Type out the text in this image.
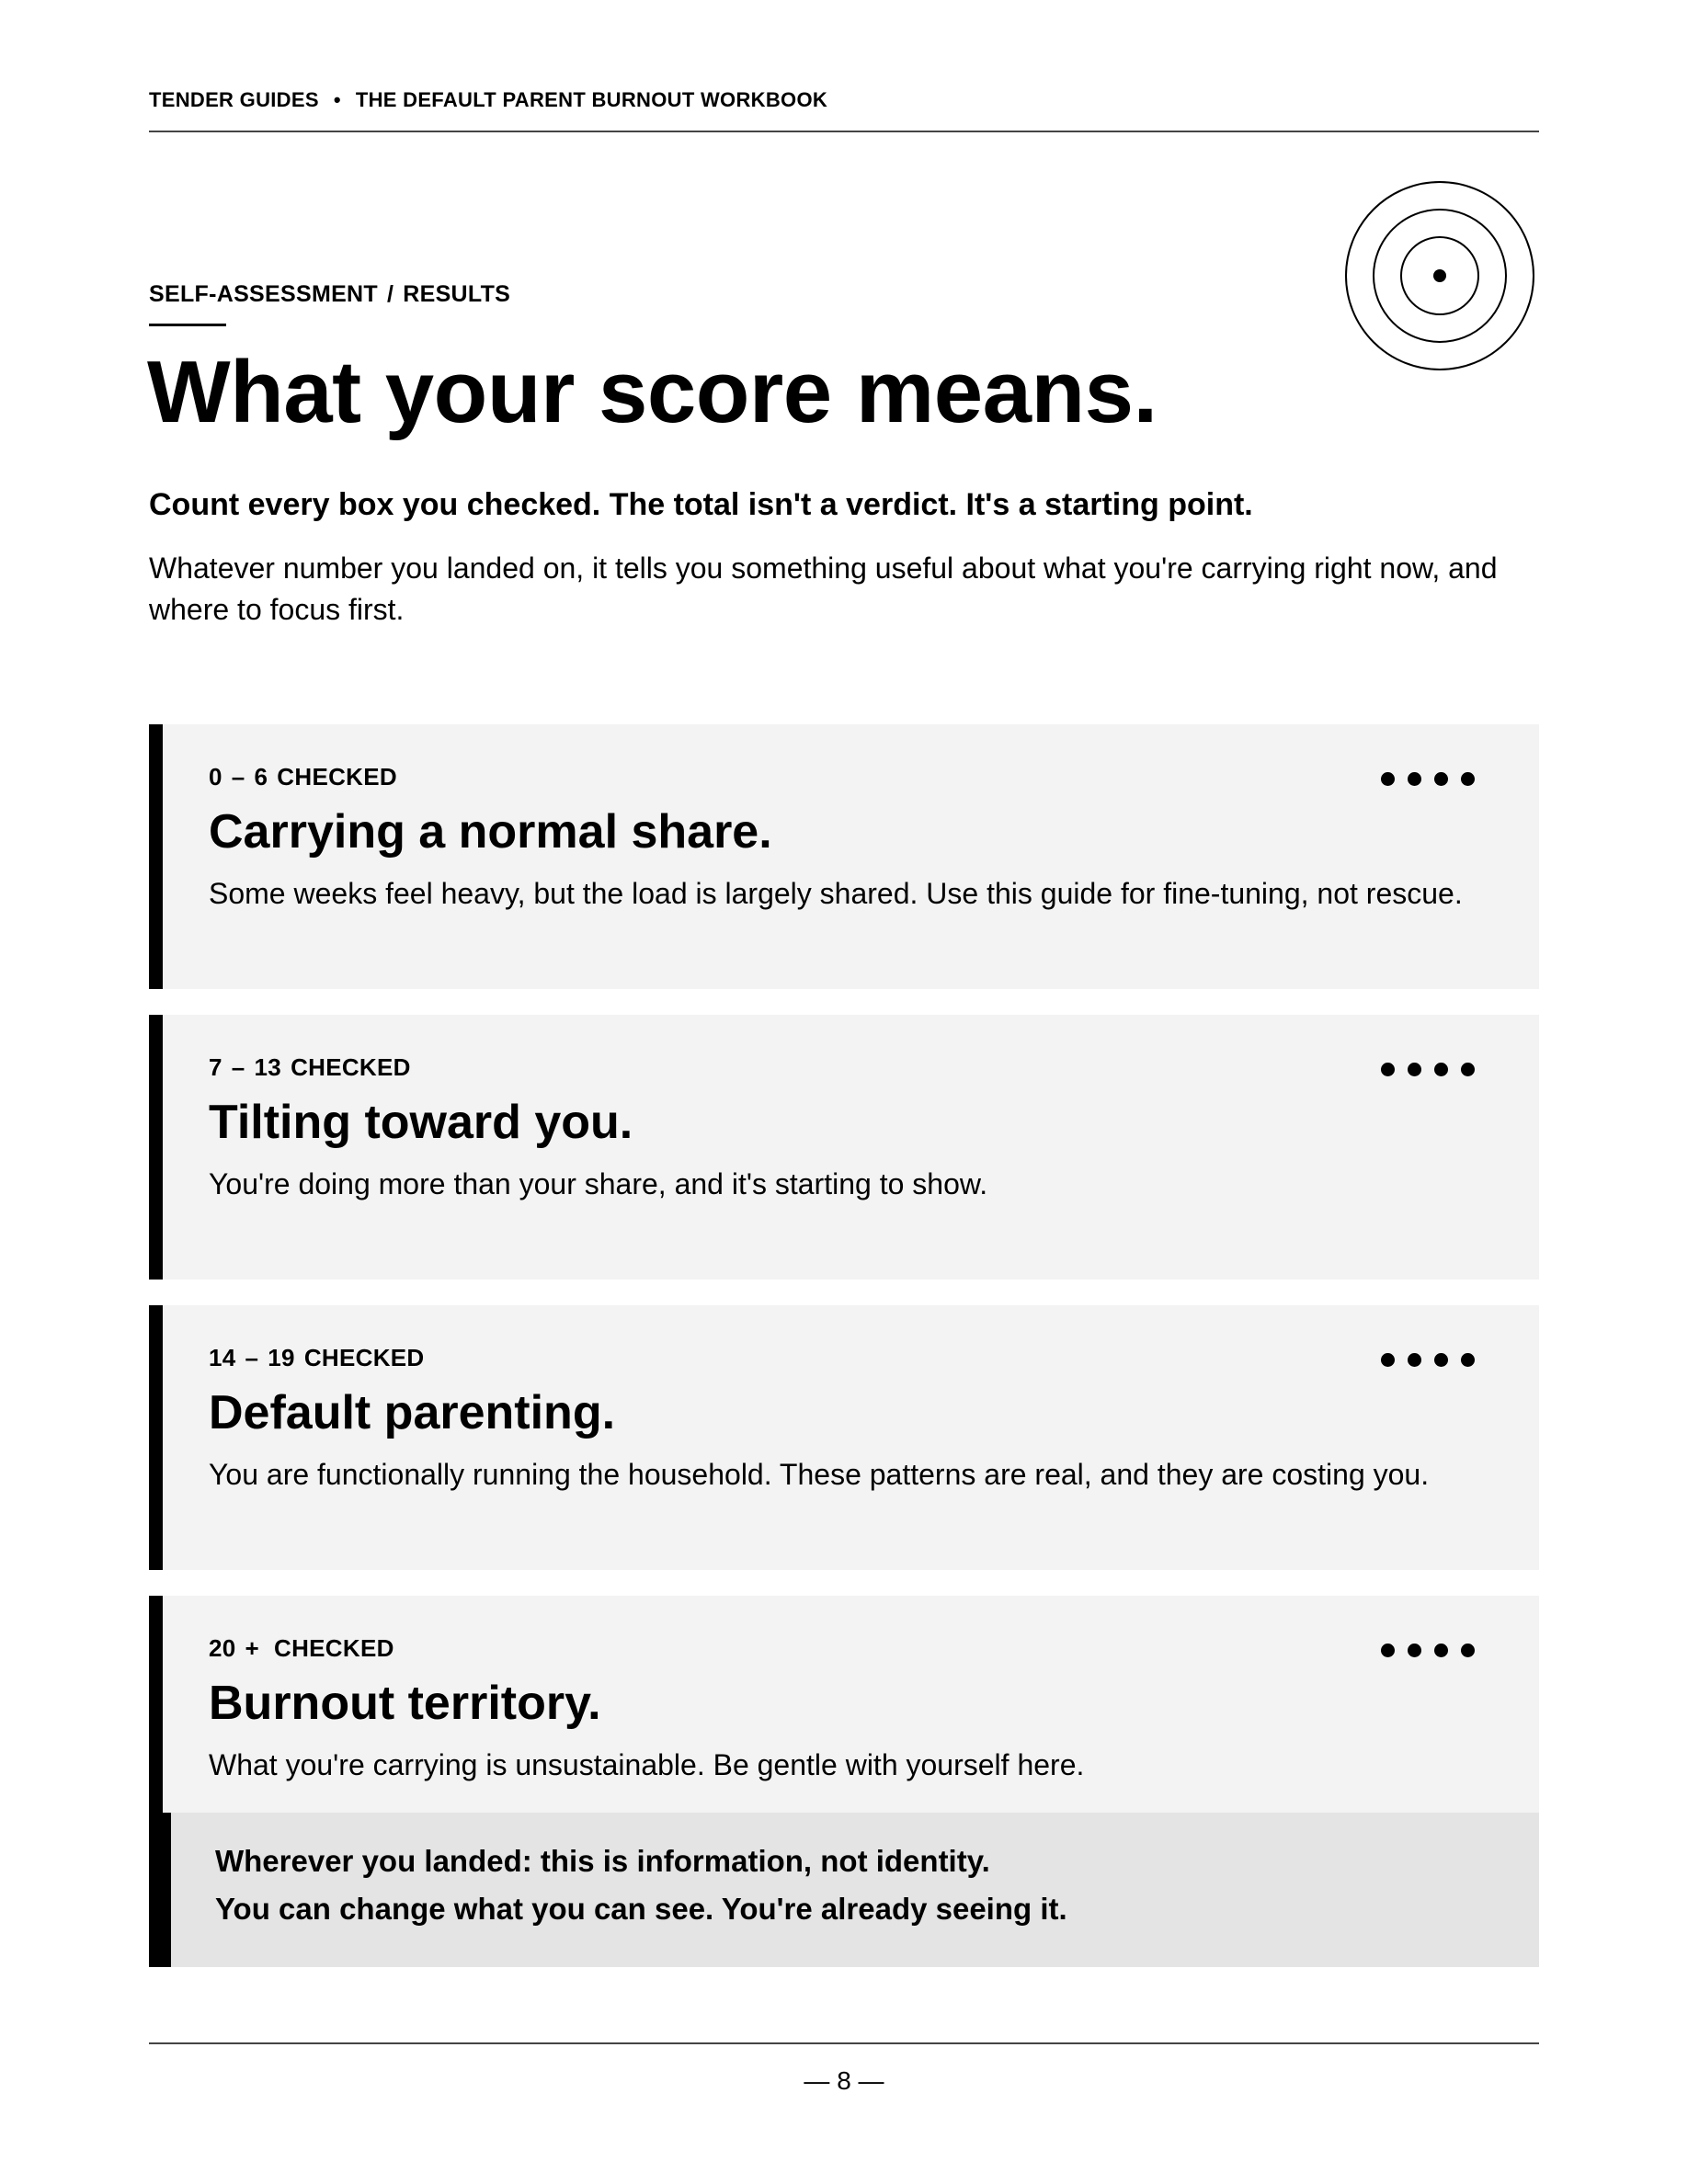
TENDER GUIDES • THE DEFAULT PARENT BURNOUT WORKBOOK
SELF-ASSESSMENT / RESULTS
What your score means.

Count every box you checked. The total isn't a verdict. It's a starting point.

Whatever number you landed on, it tells you something useful about what you're carrying right now, and where to focus first.

0 – 6 CHECKED
Carrying a normal share.

Some weeks feel heavy, but the load is largely shared. Use this guide for fine-tuning, not rescue.

7 – 13 CHECKED
Tilting toward you.

You're doing more than your share, and it's starting to show.

14 – 19 CHECKED
Default parenting.

You are functionally running the household. These patterns are real, and they are costing you.

20 + CHECKED
Burnout territory.

What you're carrying is unsustainable. Be gentle with yourself here.

Wherever you landed: this is information, not identity.

You can change what you can see. You're already seeing it.

— 8 —
